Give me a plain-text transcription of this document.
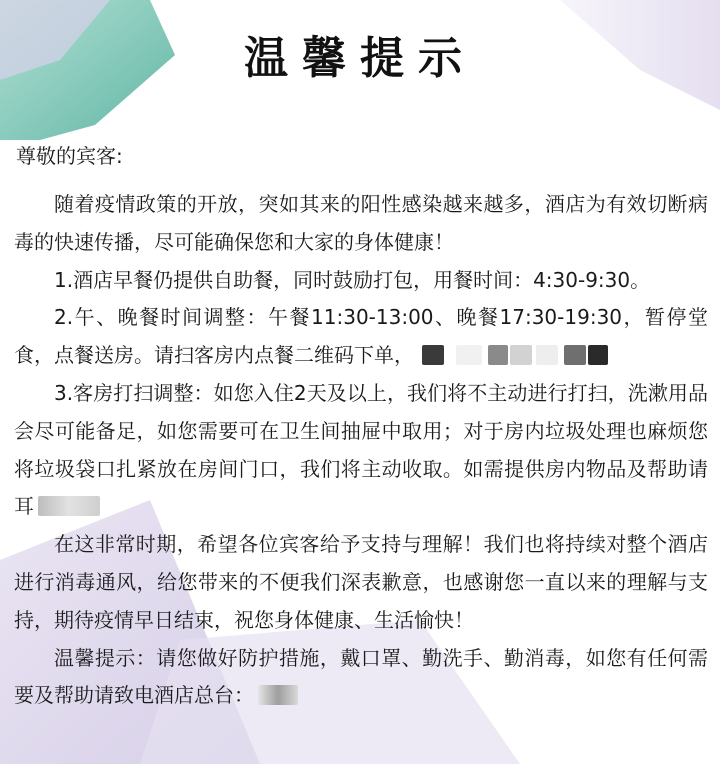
温馨提示
尊敬的宾客:

随着疫情政策的开放，突如其来的阳性感染越来越多，酒店为有效切断病毒的快速传播，尽可能确保您和大家的身体健康！

1.酒店早餐仍提供自助餐，同时鼓励打包，用餐时间：4:30-9:30。

2.午、晚餐时间调整：午餐11:30-13:00、晚餐17:30-19:30，暂停堂食，点餐送房。请扫客房内点餐二维码下单，

3.客房打扫调整：如您入住2天及以上，我们将不主动进行打扫，洗漱用品会尽可能备足，如您需要可在卫生间抽屉中取用；对于房内垃圾处理也麻烦您将垃圾袋口扎紧放在房间门口，我们将主动收取。如需提供房内物品及帮助请耳

在这非常时期，希望各位宾客给予支持与理解！我们也将持续对整个酒店进行消毒通风，给您带来的不便我们深表歉意，也感谢您一直以来的理解与支持，期待疫情早日结束，祝您身体健康、生活愉快！

温馨提示：请您做好防护措施，戴口罩、勤洗手、勤消毒，如您有任何需要及帮助请致电酒店总台：
